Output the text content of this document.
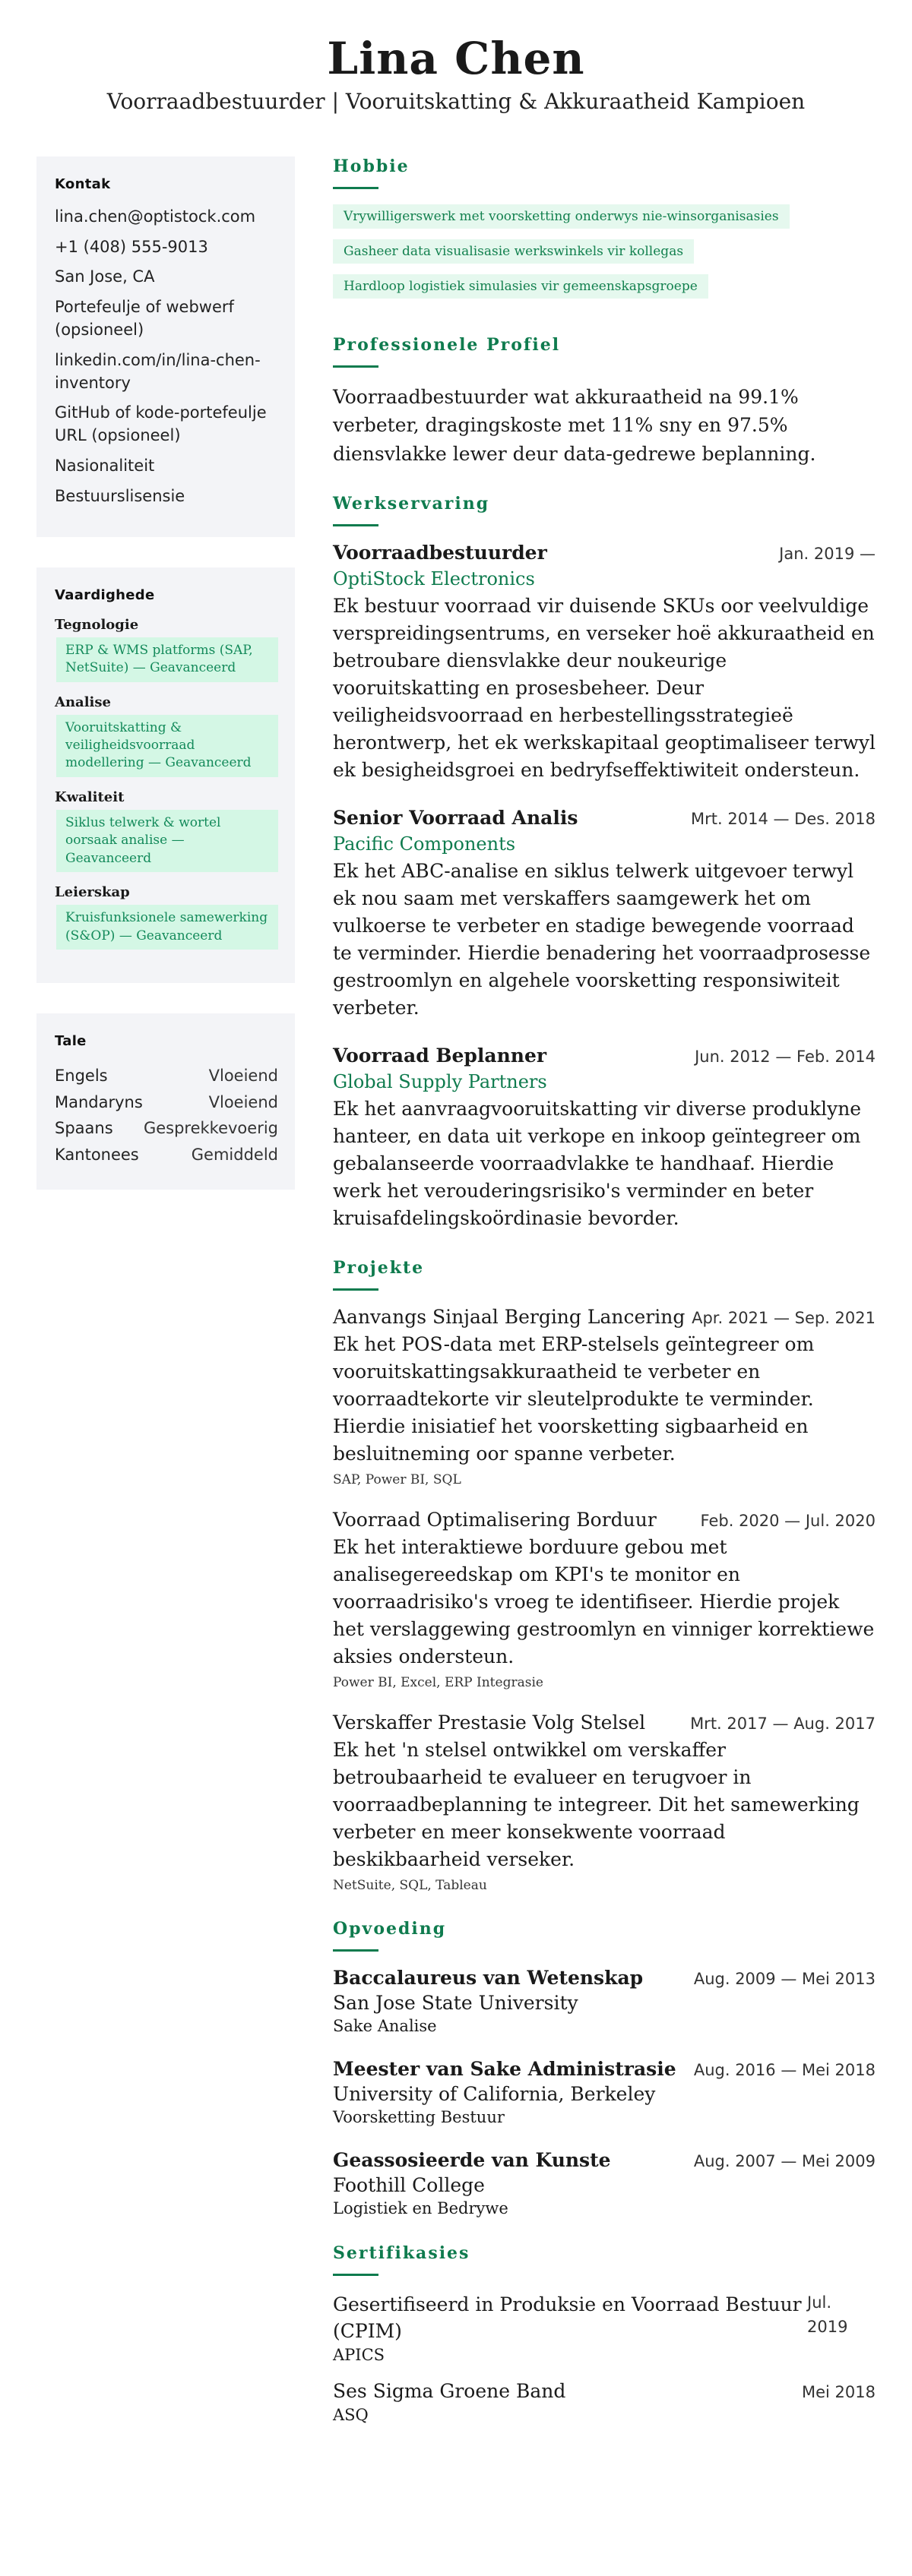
Lina Chen
Voorraadbestuurder | Vooruitskatting & Akkuraatheid Kampioen
Kontak
lina.chen@optistock.com
+1 (408) 555-9013
San Jose, CA
Portefeulje of webwerf (opsioneel)
linkedin.com/in/lina-chen-inventory
GitHub of kode-portefeulje URL (opsioneel)
Nasionaliteit
Bestuurslisensie
Vaardighede
Tegnologie
ERP & WMS platforms (SAP, NetSuite) — Geavanceerd
Analise
Vooruitskatting & veiligheidsvoorraad modellering — Geavanceerd
Kwaliteit
Siklus telwerk & wortel oorsaak analise — Geavanceerd
Leierskap
Kruisfunksionele samewerking (S&OP) — Geavanceerd
Tale
Engels	Vloeiend
Mandaryns	Vloeiend
Spaans Gesprekkevoerig
Kantonees	Gemiddeld
Hobbie
Vrywilligerswerk met voorsketting onderwys nie-winsorganisasies
Gasheer data visualisasie werkswinkels vir kollegas
Hardloop logistiek simulasies vir gemeenskapsgroepe
Professionele Profiel
Voorraadbestuurder wat akkuraatheid na 99.1% verbeter, dragingskoste met 11% sny en 97.5% diensvlakke lewer deur data-gedrewe beplanning.
Werkservaring
Voorraadbestuurder	Jan. 2019 —
OptiStock Electronics
Ek bestuur voorraad vir duisende SKUs oor veelvuldige verspreidingsentrums, en verseker hoë akkuraatheid en betroubare diensvlakke deur noukeurige vooruitskatting en prosesbeheer. Deur veiligheidsvoorraad en herbestellingsstrategieë herontwerp, het ek werkskapitaal geoptimaliseer terwyl ek besigheidsgroei en bedryfseffektiwiteit ondersteun.
Senior Voorraad Analis	Mrt. 2014 — Des. 2018
Pacific Components
Ek het ABC-analise en siklus telwerk uitgevoer terwyl ek nou saam met verskaffers saamgewerk het om vulkoerse te verbeter en stadige bewegende voorraad te verminder. Hierdie benadering het voorraadprosesse gestroomlyn en algehele voorsketting responsiwiteit verbeter.
Voorraad Beplanner	Jun. 2012 — Feb. 2014
Global Supply Partners
Ek het aanvraagvooruitskatting vir diverse produklyne hanteer, en data uit verkope en inkoop geïntegreer om gebalanseerde voorraadvlakke te handhaaf. Hierdie werk het verouderingsrisiko's verminder en beter kruisafdelingskoördinasie bevorder.
Projekte
Aanvangs Sinjaal Berging Lancering Apr. 2021 — Sep. 2021
Ek het POS-data met ERP-stelsels geïntegreer om vooruitskattingsakkuraatheid te verbeter en voorraadtekorte vir sleutelprodukte te verminder. Hierdie inisiatief het voorsketting sigbaarheid en besluitneming oor spanne verbeter.
SAP, Power BI, SQL
Voorraad Optimalisering Borduur	Feb. 2020 — Jul. 2020
Ek het interaktiewe borduure gebou met analisegereedskap om KPI's te monitor en voorraadrisiko's vroeg te identifiseer. Hierdie projek het verslaggewing gestroomlyn en vinniger korrektiewe aksies ondersteun.
Power BI, Excel, ERP Integrasie
Verskaffer Prestasie Volg Stelsel	Mrt. 2017 — Aug. 2017
Ek het 'n stelsel ontwikkel om verskaffer betroubaarheid te evalueer en terugvoer in voorraadbeplanning te integreer. Dit het samewerking verbeter en meer konsekwente voorraad beskikbaarheid verseker.
NetSuite, SQL, Tableau
Opvoeding
Baccalaureus van Wetenskap	Aug. 2009 — Mei 2013
San Jose State University
Sake Analise
Meester van Sake Administrasie Aug. 2016 — Mei 2018
University of California, Berkeley
Voorsketting Bestuur
Geassosieerde van Kunste	Aug. 2007 — Mei 2009
Foothill College
Logistiek en Bedrywe
Sertifikasies
Gesertifiseerd in Produksie en Voorraad Bestuur (CPIM)
Jul. 2019
APICS
Ses Sigma Groene Band	Mei 2018
ASQ
